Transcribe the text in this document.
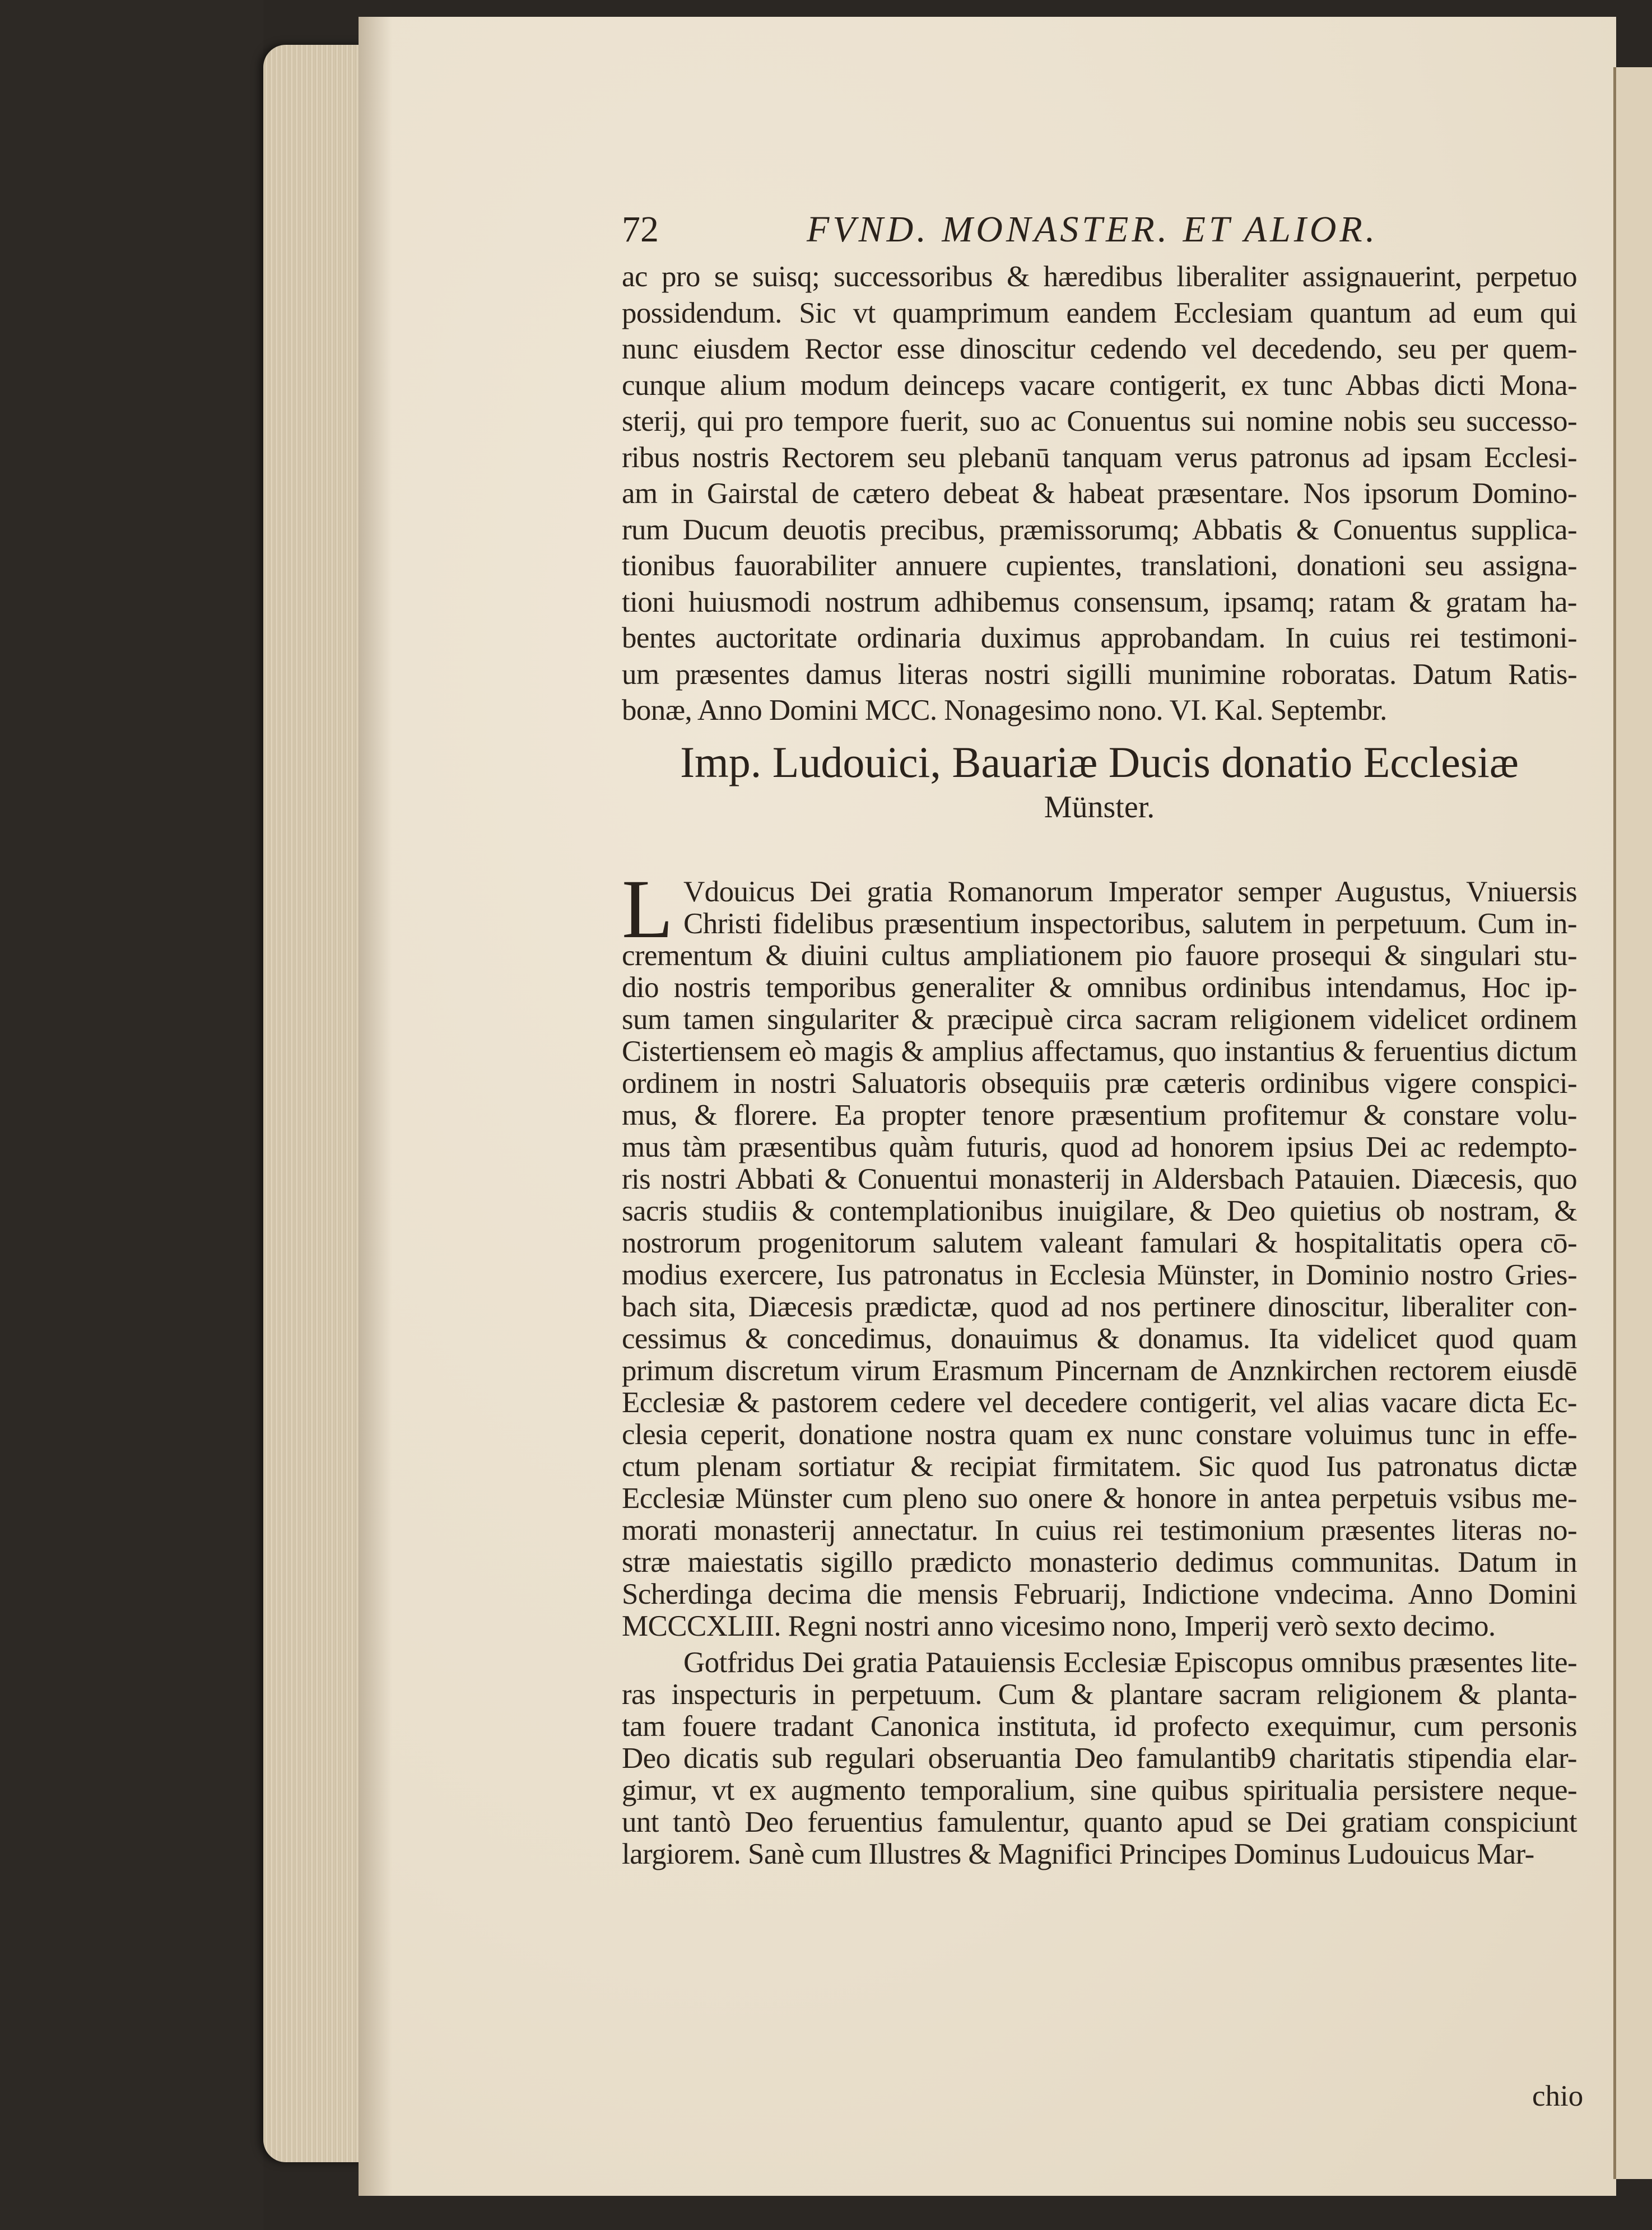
72	FVND. MONASTER. ET ALIOR.
ac pro se suisq; successoribus & hæredibus liberaliter assignauerint, perpetuo
possidendum. Sic vt quamprimum eandem Ecclesiam quantum ad eum qui
nunc eiusdem Rector esse dinoscitur cedendo vel decedendo, seu per quem-
cunque alium modum deinceps vacare contigerit, ex tunc Abbas dicti Mona-
sterij, qui pro tempore fuerit, suo ac Conuentus sui nomine nobis seu successo-
ribus nostris Rectorem seu plebanū tanquam verus patronus ad ipsam Ecclesi-
am in Gairstal de cætero debeat & habeat præsentare. Nos ipsorum Domino-
rum Ducum deuotis precibus, præmissorumq; Abbatis & Conuentus supplica-
tionibus fauorabiliter annuere cupientes, translationi, donationi seu assigna-
tioni huiusmodi nostrum adhibemus consensum, ipsamq; ratam & gratam ha-
bentes auctoritate ordinaria duximus approbandam. In cuius rei testimoni-
um præsentes damus literas nostri sigilli munimine roboratas. Datum Ratis-
bonæ, Anno Domini MCC. Nonagesimo nono. VI. Kal. Septembr.
Imp. Ludouici, Bauariæ Ducis donatio Ecclesiæ
Münster.
L Vdouicus Dei gratia Romanorum Imperator semper Augustus, Vniuersis
Christi fidelibus præsentium inspectoribus, salutem in perpetuum. Cum in-
crementum & diuini cultus ampliationem pio fauore prosequi & singulari stu-
dio nostris temporibus generaliter & omnibus ordinibus intendamus, Hoc ip-
sum tamen singulariter & præcipuè circa sacram religionem videlicet ordinem
Cistertiensem eò magis & amplius affectamus, quo instantius & feruentius dictum
ordinem in nostri Saluatoris obsequiis præ cæteris ordinibus vigere conspici-
mus, & florere. Ea propter tenore præsentium profitemur & constare volu-
mus tàm præsentibus quàm futuris, quod ad honorem ipsius Dei ac redempto-
ris nostri Abbati & Conuentui monasterij in Aldersbach Patauien. Diæcesis, quo
sacris studiis & contemplationibus inuigilare, & Deo quietius ob nostram, &
nostrorum progenitorum salutem valeant famulari & hospitalitatis opera cō-
modius exercere, Ius patronatus in Ecclesia Münster, in Dominio nostro Gries-
bach sita, Diæcesis prædictæ, quod ad nos pertinere dinoscitur, liberaliter con-
cessimus & concedimus, donauimus & donamus. Ita videlicet quod quam
primum discretum virum Erasmum Pincernam de Anznkirchen rectorem eiusdē
Ecclesiæ & pastorem cedere vel decedere contigerit, vel alias vacare dicta Ec-
clesia ceperit, donatione nostra quam ex nunc constare voluimus tunc in effe-
ctum plenam sortiatur & recipiat firmitatem. Sic quod Ius patronatus dictæ
Ecclesiæ Münster cum pleno suo onere & honore in antea perpetuis vsibus me-
morati monasterij annectatur. In cuius rei testimonium præsentes literas no-
stræ maiestatis sigillo prædicto monasterio dedimus communitas. Datum in
Scherdinga decima die mensis Februarij, Indictione vndecima. Anno Domini
MCCCXLIII. Regni nostri anno vicesimo nono, Imperij verò sexto decimo.
Gotfridus Dei gratia Patauiensis Ecclesiæ Episcopus omnibus præsentes lite-
ras inspecturis in perpetuum. Cum & plantare sacram religionem & planta-
tam fouere tradant Canonica instituta, id profecto exequimur, cum personis
Deo dicatis sub regulari obseruantia Deo famulantib9 charitatis stipendia elar-
gimur, vt ex augmento temporalium, sine quibus spiritualia persistere neque-
unt tantò Deo feruentius famulentur, quanto apud se Dei gratiam conspiciunt
largiorem. Sanè cum Illustres & Magnifici Principes Dominus Ludouicus Mar-
chio
